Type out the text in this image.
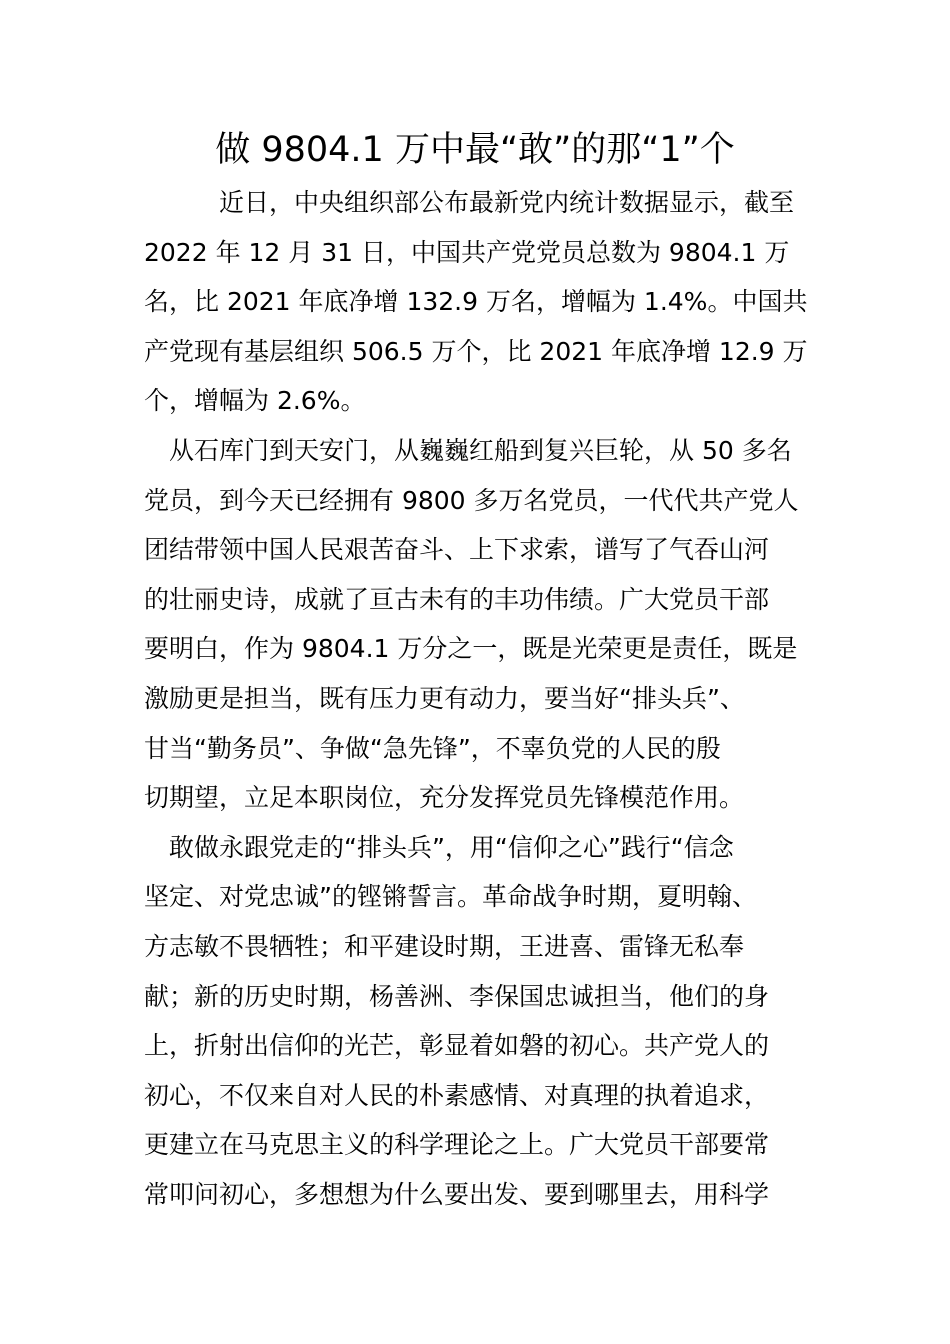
做 9804.1 万中最“敢”的那“1”个

近日，中央组织部公布最新党内统计数据显示，截至
2022 年 12 月 31 日，中国共产党党员总数为 9804.1 万
名，比 2021 年底净增 132.9 万名，增幅为 1.4%。中国共
产党现有基层组织 506.5 万个，比 2021 年底净增 12.9 万
个，增幅为 2.6%。

从石库门到天安门，从巍巍红船到复兴巨轮，从 50 多名
党员，到今天已经拥有 9800 多万名党员，一代代共产党人
团结带领中国人民艰苦奋斗、上下求索，谱写了气吞山河
的壮丽史诗，成就了亘古未有的丰功伟绩。广大党员干部
要明白，作为 9804.1 万分之一，既是光荣更是责任，既是
激励更是担当，既有压力更有动力，要当好“排头兵”、
甘当“勤务员”、争做“急先锋”，不辜负党的人民的殷
切期望，立足本职岗位，充分发挥党员先锋模范作用。

敢做永跟党走的“排头兵”，用“信仰之心”践行“信念
坚定、对党忠诚”的铿锵誓言。革命战争时期，夏明翰、
方志敏不畏牺牲；和平建设时期，王进喜、雷锋无私奉
献；新的历史时期，杨善洲、李保国忠诚担当，他们的身
上，折射出信仰的光芒，彰显着如磐的初心。共产党人的
初心，不仅来自对人民的朴素感情、对真理的执着追求，
更建立在马克思主义的科学理论之上。广大党员干部要常
常叩问初心，多想想为什么要出发、要到哪里去，用科学
